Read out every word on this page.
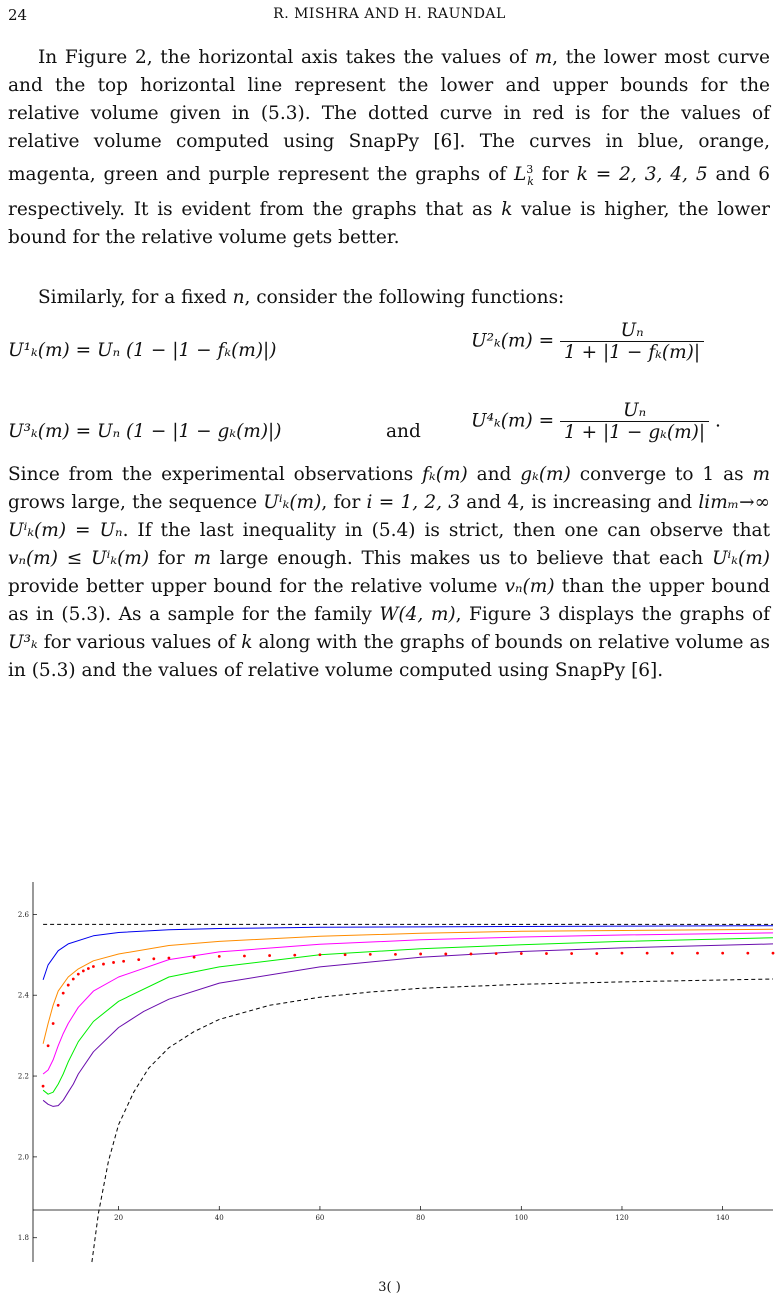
24	R. MISHRA AND H. RAUNDAL
In Figure 2, the horizontal axis takes the values of m, the lower most curve and the top horizontal line represent the lower and upper bounds for the relative volume given in (5.3). The dotted curve in red is for the values of relative volume computed using SnapPy [6]. The curves in blue, orange, magenta, green and purple represent the graphs of $L^3_k$ for k = 2, 3, 4, 5 and 6 respectively. It is evident from the graphs that as k value is higher, the lower bound for the relative volume gets better.
Similarly, for a fixed n, consider the following functions:
U¹ₖ(m) = Uₙ (1 − |1 − fₖ(m)|)	$U^2_k(m) = \frac{\text{Uₙ}}{\text{1 + |1 − fₖ(m)|}}$
U³ₖ(m) = Uₙ (1 − |1 − gₖ(m)|)	and	$U^4_k(m) = \frac{\text{Uₙ}}{\text{1 + |1 − gₖ(m)|}}$ .
Since from the experimental observations fₖ(m) and gₖ(m) converge to 1 as m grows large, the sequence Uⁱₖ(m), for i = 1, 2, 3 and 4, is increasing and limₘ→∞ Uⁱₖ(m) = Uₙ. If the last inequality in (5.4) is strict, then one can observe that vₙ(m) ≤ Uⁱₖ(m) for m large enough. This makes us to believe that each Uⁱₖ(m) provide better upper bound for the relative volume vₙ(m) than the upper bound as in (5.3). As a sample for the family W(4, m), Figure 3 displays the graphs of U³ₖ for various values of k along with the graphs of bounds on relative volume as in (5.3) and the values of relative volume computed using SnapPy [6].
20	40	60	80	100	120	140
1.8
2.0
2.2
2.4
2.6
3( )
